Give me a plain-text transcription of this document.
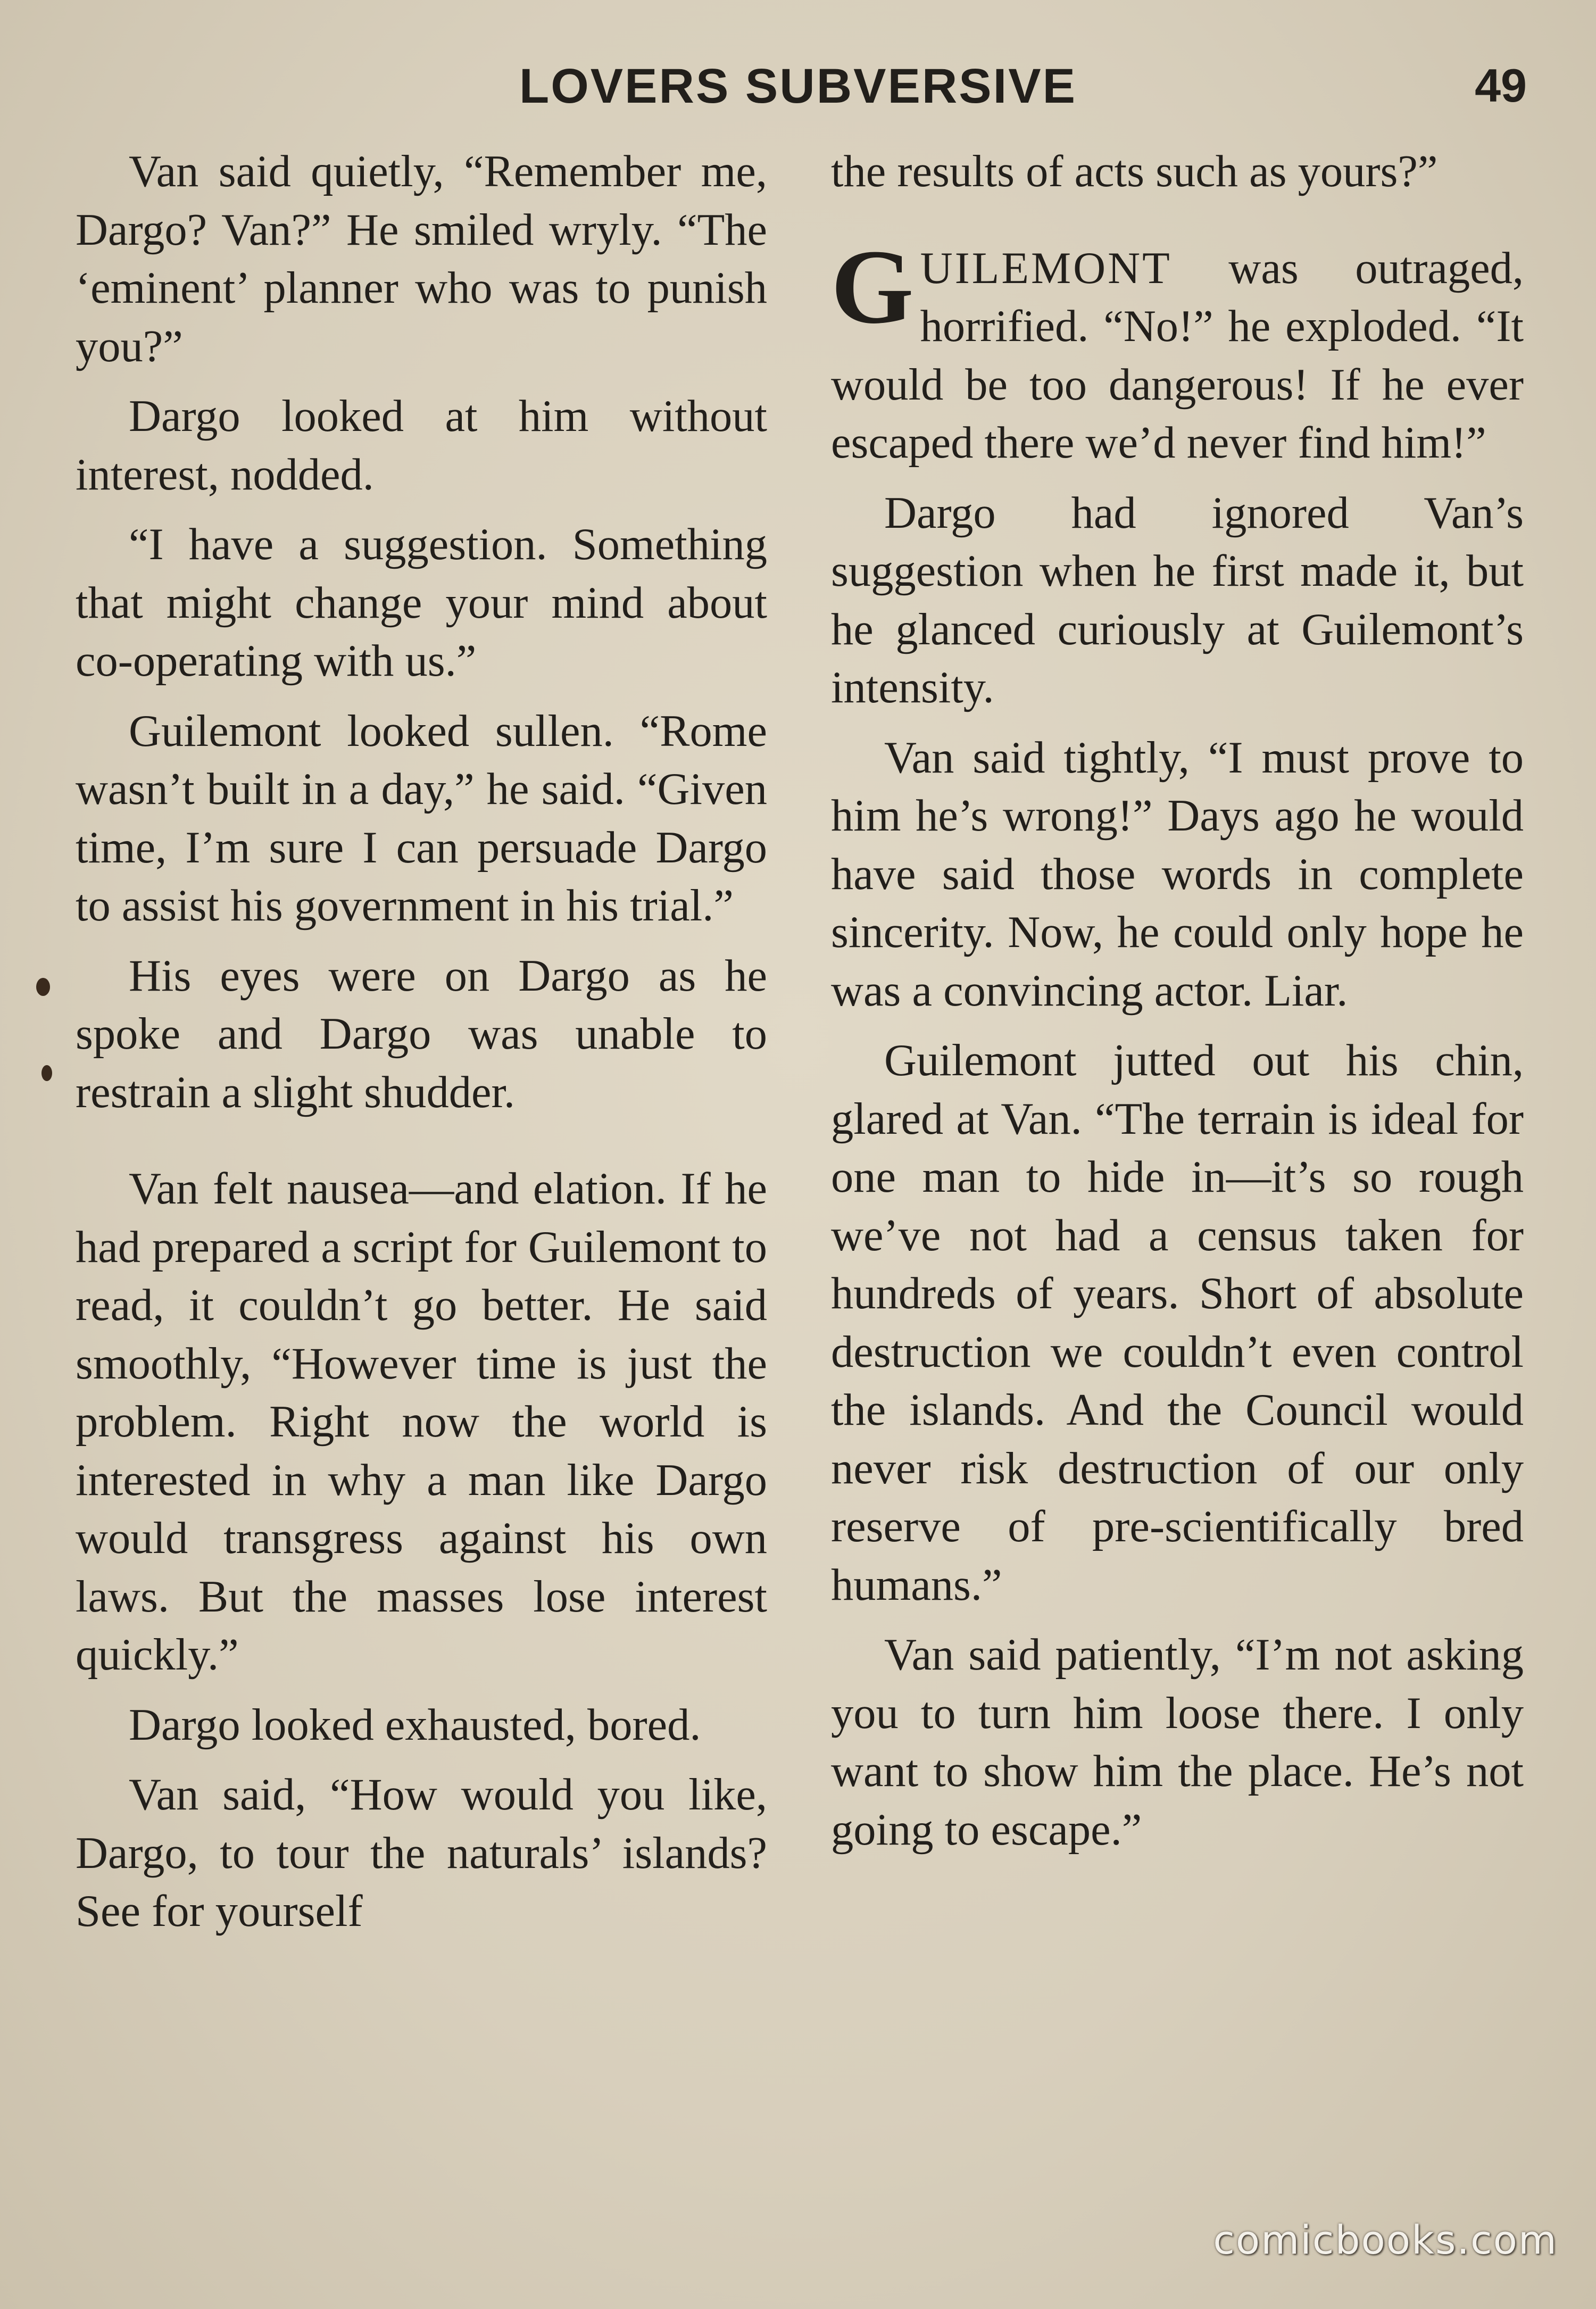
LOVERS SUBVERSIVE	49

Van said quietly, “Remember me, Dargo? Van?” He smiled wryly. “The ‘eminent’ planner who was to punish you?”

Dargo looked at him without interest, nodded.

“I have a suggestion. Something that might change your mind about co-operating with us.”

Guilemont looked sullen. “Rome wasn’t built in a day,” he said. “Given time, I’m sure I can persuade Dargo to assist his government in his trial.”

His eyes were on Dargo as he spoke and Dargo was unable to restrain a slight shudder.

Van felt nausea—and elation. If he had prepared a script for Guilemont to read, it couldn’t go better. He said smoothly, “However time is just the problem. Right now the world is interested in why a man like Dargo would transgress against his own laws. But the masses lose interest quickly.”

Dargo looked exhausted, bored.

Van said, “How would you like, Dargo, to tour the naturals’ islands? See for yourself

the results of acts such as yours?”

GUILEMONT was outraged, horrified. “No!” he exploded. “It would be too dangerous! If he ever escaped there we’d never find him!”

Dargo had ignored Van’s suggestion when he first made it, but he glanced curiously at Guilemont’s intensity.

Van said tightly, “I must prove to him he’s wrong!” Days ago he would have said those words in complete sincerity. Now, he could only hope he was a convincing actor. Liar.

Guilemont jutted out his chin, glared at Van. “The terrain is ideal for one man to hide in—it’s so rough we’ve not had a census taken for hundreds of years. Short of absolute destruction we couldn’t even control the islands. And the Council would never risk destruction of our only reserve of pre-scientifically bred humans.”

Van said patiently, “I’m not asking you to turn him loose there. I only want to show him the place. He’s not going to escape.”

comicbooks.com
